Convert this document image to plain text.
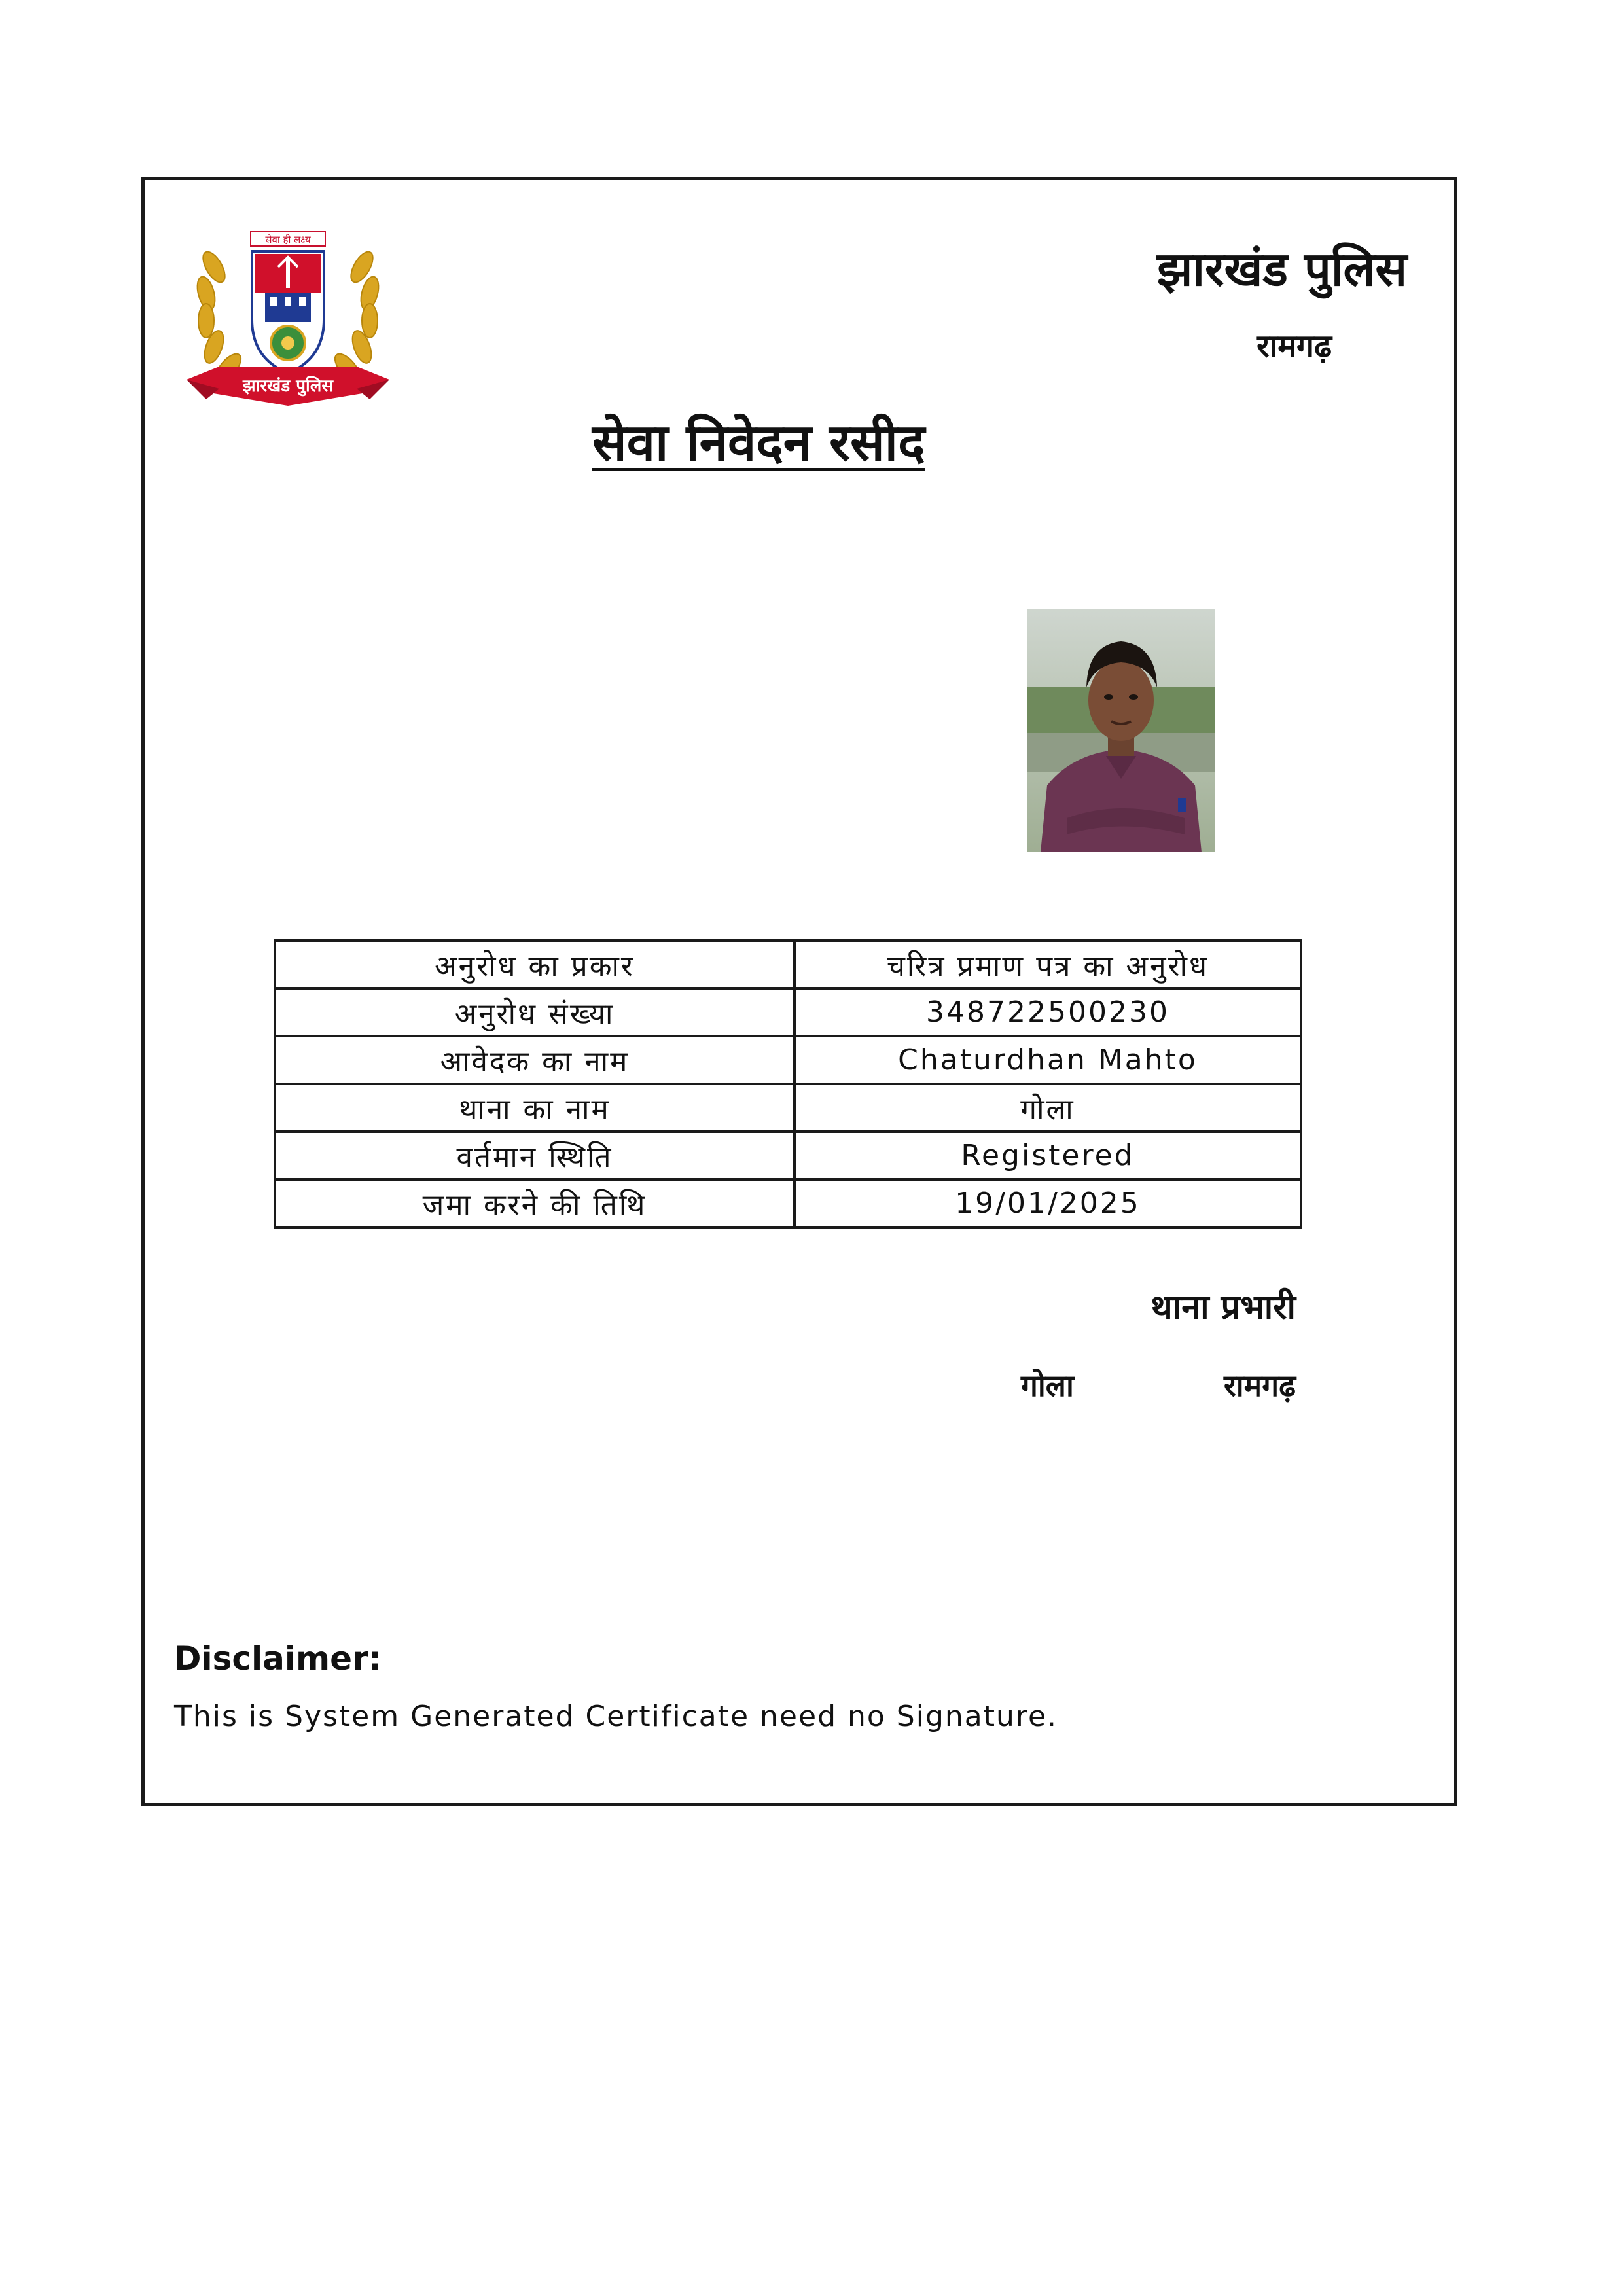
सेवा ही लक्ष्य
झारखंड पुलिस
झारखंड पुलिस
रामगढ़
सेवा निवेदन रसीद
अनुरोध का प्रकार	चरित्र प्रमाण पत्र का अनुरोध
अनुरोध संख्या	348722500230
आवेदक का नाम	Chaturdhan Mahto
थाना का नाम	गोला
वर्तमान स्थिति	Registered
जमा करने की तिथि	19/01/2025
थाना प्रभारी
गोला	रामगढ़
Disclaimer:
This is System Generated Certificate need no Signature.
